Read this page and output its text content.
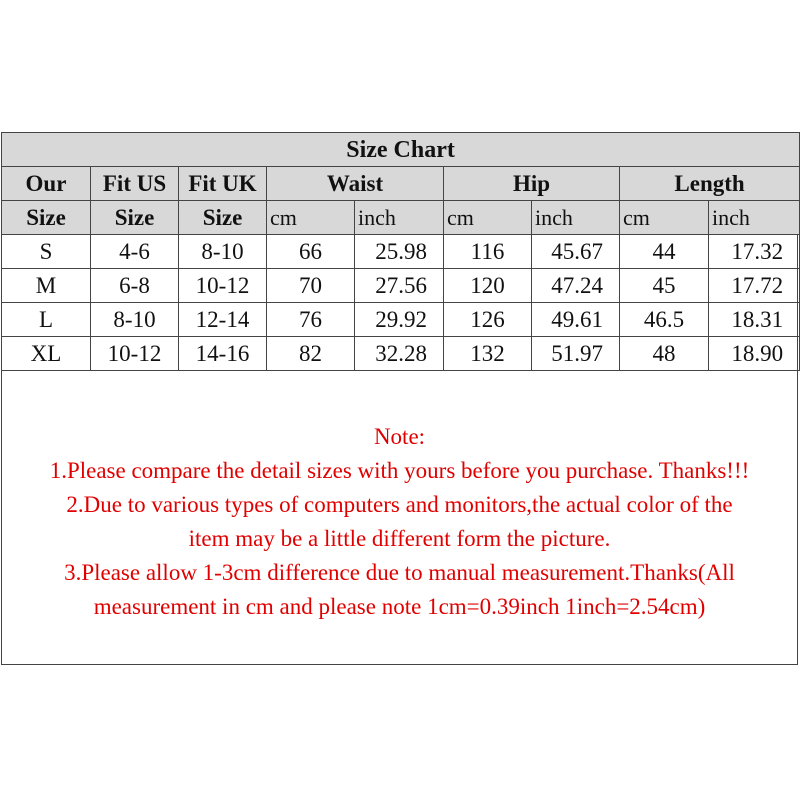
Size Chart								
Our	Fit US	Fit UK	Waist		Hip		Length	
Size	Size	Size	cm	inch	cm	inch	cm	inch
S	4-6	8-10	66	25.98	116	45.67	44	17.32
M	6-8	10-12	70	27.56	120	47.24	45	17.72
L	8-10	12-14	76	29.92	126	49.61	46.5	18.31
XL	10-12	14-16	82	32.28	132	51.97	48	18.90
Note:
1.Please compare the detail sizes with yours before you purchase. Thanks!!!
2.Due to various types of computers and monitors,the actual color of the
item may be a little different form the picture.
3.Please allow 1-3cm difference due to manual measurement.Thanks(All
measurement in cm and please note 1cm=0.39inch 1inch=2.54cm)
